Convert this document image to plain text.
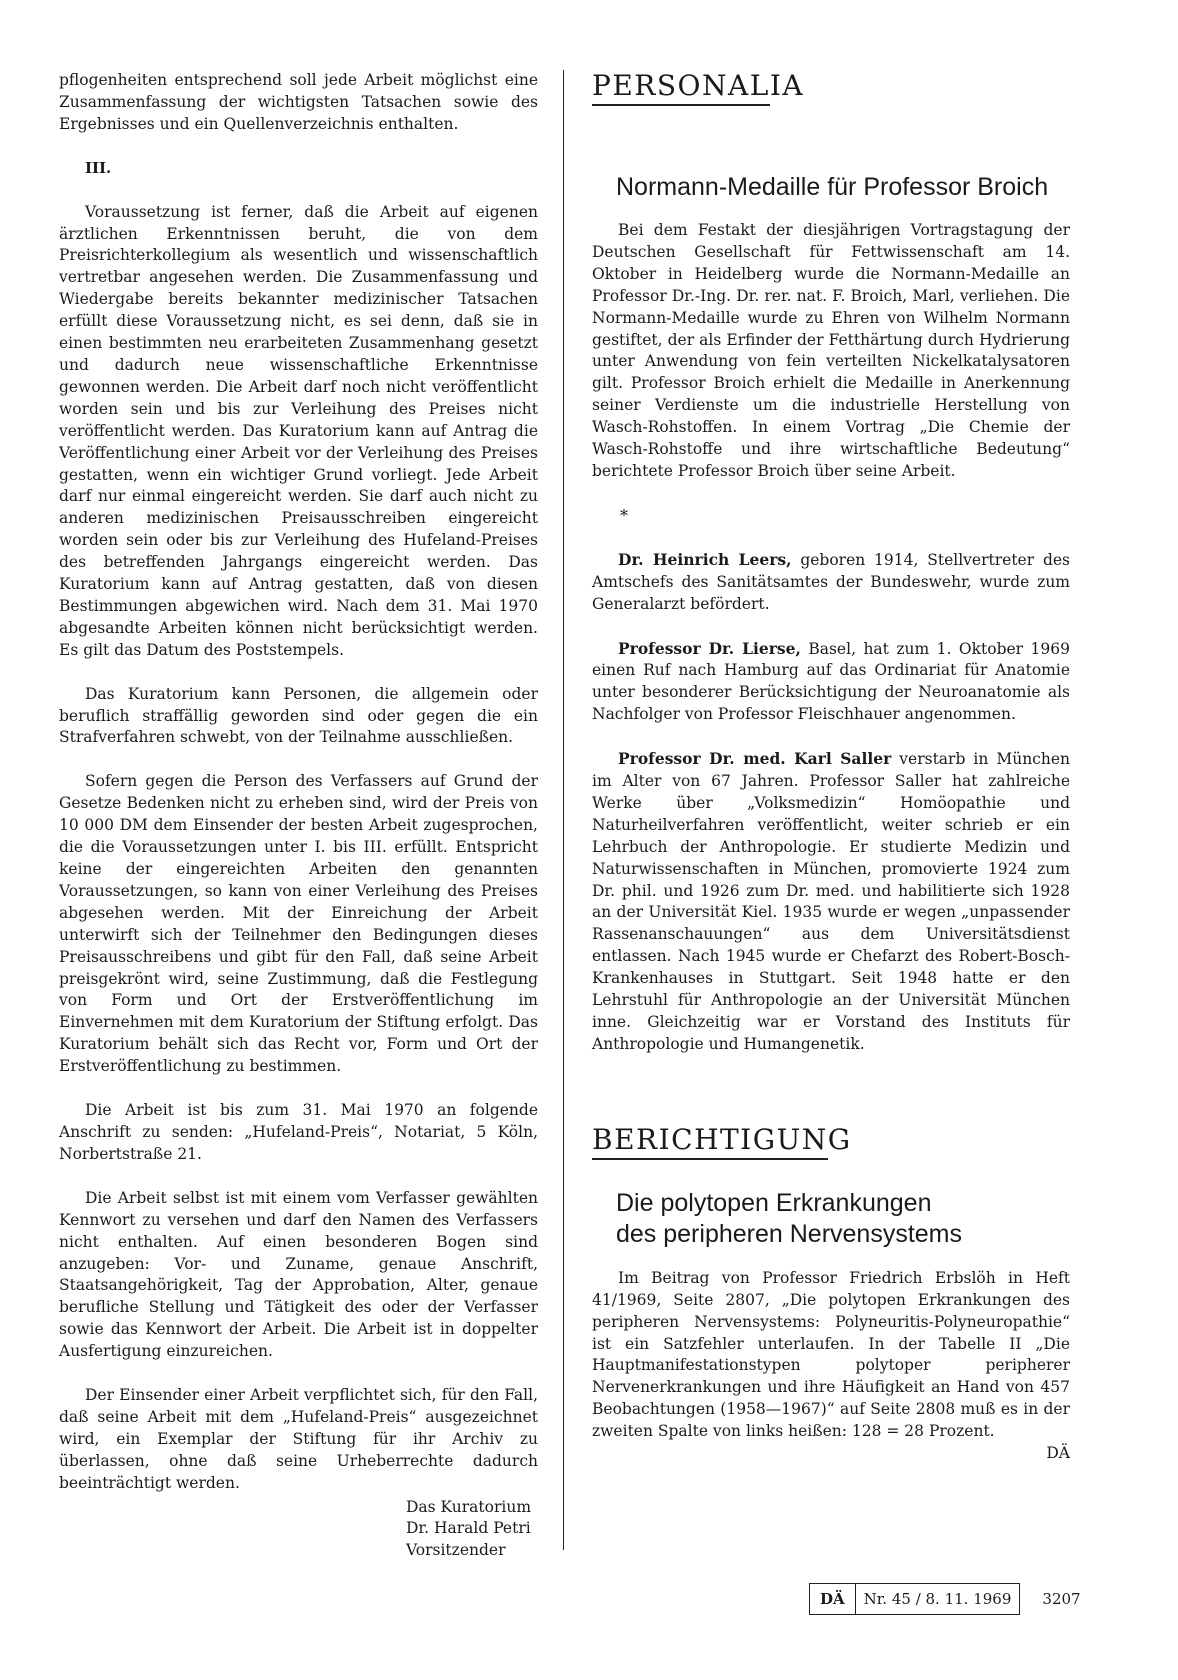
pflogenheiten entsprechend soll jede Arbeit möglichst eine Zusammenfassung der wichtigsten Tatsachen sowie des Ergebnisses und ein Quellenverzeichnis enthalten.

III.

Voraussetzung ist ferner, daß die Arbeit auf eigenen ärztlichen Erkenntnissen beruht, die von dem Preisrichterkollegium als wesentlich und wissenschaftlich vertretbar angesehen werden. Die Zusammenfassung und Wiedergabe bereits bekannter medizinischer Tatsachen erfüllt diese Voraussetzung nicht, es sei denn, daß sie in einen bestimmten neu erarbeiteten Zusammenhang gesetzt und dadurch neue wissenschaftliche Erkenntnisse gewonnen werden. Die Arbeit darf noch nicht veröffentlicht worden sein und bis zur Verleihung des Preises nicht veröffentlicht werden. Das Kuratorium kann auf Antrag die Veröffentlichung einer Arbeit vor der Verleihung des Preises gestatten, wenn ein wichtiger Grund vorliegt. Jede Arbeit darf nur einmal eingereicht werden. Sie darf auch nicht zu anderen medizinischen Preisausschreiben eingereicht worden sein oder bis zur Verleihung des Hufeland-Preises des betreffenden Jahrgangs eingereicht werden. Das Kuratorium kann auf Antrag gestatten, daß von diesen Bestimmungen abgewichen wird. Nach dem 31. Mai 1970 abgesandte Arbeiten können nicht berücksichtigt werden. Es gilt das Datum des Poststempels.

Das Kuratorium kann Personen, die allgemein oder beruflich straffällig geworden sind oder gegen die ein Strafverfahren schwebt, von der Teilnahme ausschließen.

Sofern gegen die Person des Verfassers auf Grund der Gesetze Bedenken nicht zu erheben sind, wird der Preis von 10 000 DM dem Einsender der besten Arbeit zugesprochen, die die Voraussetzungen unter I. bis III. erfüllt. Entspricht keine der eingereichten Arbeiten den genannten Voraussetzungen, so kann von einer Verleihung des Preises abgesehen werden. Mit der Einreichung der Arbeit unterwirft sich der Teilnehmer den Bedingungen dieses Preisausschreibens und gibt für den Fall, daß seine Arbeit preisgekrönt wird, seine Zustimmung, daß die Festlegung von Form und Ort der Erstveröffentlichung im Einvernehmen mit dem Kuratorium der Stiftung erfolgt. Das Kuratorium behält sich das Recht vor, Form und Ort der Erstveröffentlichung zu bestimmen.

Die Arbeit ist bis zum 31. Mai 1970 an folgende Anschrift zu senden: „Hufeland-Preis“, Notariat, 5 Köln, Norbertstraße 21.

Die Arbeit selbst ist mit einem vom Verfasser gewählten Kennwort zu versehen und darf den Namen des Verfassers nicht enthalten. Auf einen besonderen Bogen sind anzugeben: Vor- und Zuname, genaue Anschrift, Staatsangehörigkeit, Tag der Approbation, Alter, genaue berufliche Stellung und Tätigkeit des oder der Verfasser sowie das Kennwort der Arbeit. Die Arbeit ist in doppelter Ausfertigung einzureichen.

Der Einsender einer Arbeit verpflichtet sich, für den Fall, daß seine Arbeit mit dem „Hufeland-Preis“ ausgezeichnet wird, ein Exemplar der Stiftung für ihr Archiv zu überlassen, ohne daß seine Urheberrechte dadurch beeinträchtigt werden.

Das Kuratorium
Dr. Harald Petri
Vorsitzender
PERSONALIA
Normann-Medaille für Professor Broich

Bei dem Festakt der diesjährigen Vortragstagung der Deutschen Gesellschaft für Fettwissenschaft am 14. Oktober in Heidelberg wurde die Normann-Medaille an Professor Dr.-Ing. Dr. rer. nat. F. Broich, Marl, verliehen. Die Normann-Medaille wurde zu Ehren von Wilhelm Normann gestiftet, der als Erfinder der Fetthärtung durch Hydrierung unter Anwendung von fein verteilten Nickelkatalysatoren gilt. Professor Broich erhielt die Medaille in Anerkennung seiner Verdienste um die industrielle Herstellung von Wasch-Rohstoffen. In einem Vortrag „Die Chemie der Wasch-Rohstoffe und ihre wirtschaftliche Bedeutung“ berichtete Professor Broich über seine Arbeit.

*

Dr. Heinrich Leers, geboren 1914, Stellvertreter des Amtschefs des Sanitätsamtes der Bundeswehr, wurde zum Generalarzt befördert.

Professor Dr. Lierse, Basel, hat zum 1. Oktober 1969 einen Ruf nach Hamburg auf das Ordinariat für Anatomie unter besonderer Berücksichtigung der Neuroanatomie als Nachfolger von Professor Fleischhauer angenommen.

Professor Dr. med. Karl Saller verstarb in München im Alter von 67 Jahren. Professor Saller hat zahlreiche Werke über „Volksmedizin“ Homöopathie und Naturheilverfahren veröffentlicht, weiter schrieb er ein Lehrbuch der Anthropologie. Er studierte Medizin und Naturwissenschaften in München, promovierte 1924 zum Dr. phil. und 1926 zum Dr. med. und habilitierte sich 1928 an der Universität Kiel. 1935 wurde er wegen „unpassender Rassenanschauungen“ aus dem Universitätsdienst entlassen. Nach 1945 wurde er Chefarzt des Robert-Bosch-Krankenhauses in Stuttgart. Seit 1948 hatte er den Lehrstuhl für Anthropologie an der Universität München inne. Gleichzeitig war er Vorstand des Instituts für Anthropologie und Humangenetik.

BERICHTIGUNG
Die polytopen Erkrankungen
des peripheren Nervensystems

Im Beitrag von Professor Friedrich Erbslöh in Heft 41/1969, Seite 2807, „Die polytopen Erkrankungen des peripheren Nervensystems: Polyneuritis-Polyneuropathie“ ist ein Satzfehler unterlaufen. In der Tabelle II „Die Hauptmanifestationstypen polytoper peripherer Nervenerkrankungen und ihre Häufigkeit an Hand von 457 Beobachtungen (1958—1967)“ auf Seite 2808 muß es in der zweiten Spalte von links heißen: 128 = 28 Prozent.

DÄ

DÄ	Nr. 45 / 8. 11. 1969	3207
